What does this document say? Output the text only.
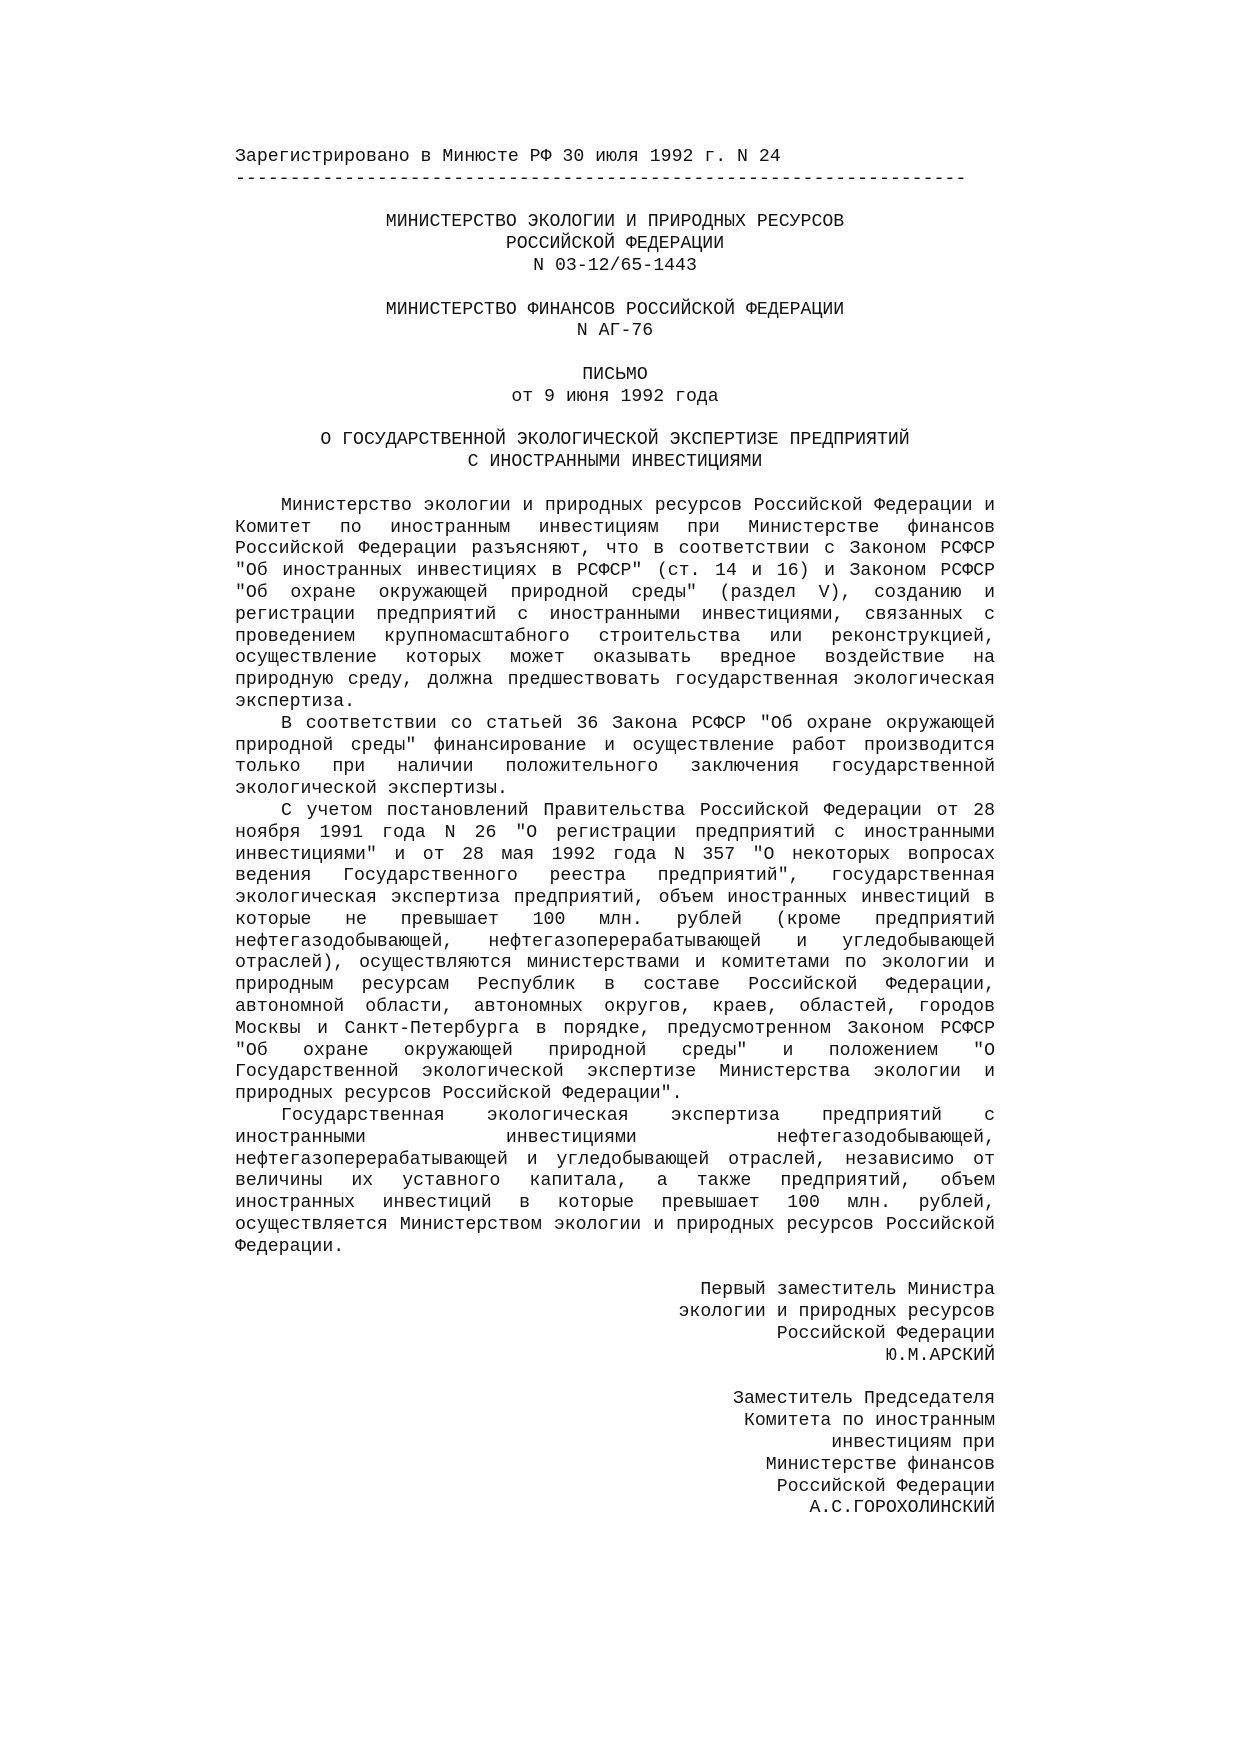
Зарегистрировано в Минюсте РФ 30 июля 1992 г. N 24
-------------------------------------------------------------------
МИНИСТЕРСТВО ЭКОЛОГИИ И ПРИРОДНЫХ РЕСУРСОВ
РОССИЙСКОЙ ФЕДЕРАЦИИ
N 03-12/65-1443
МИНИСТЕРСТВО ФИНАНСОВ РОССИЙСКОЙ ФЕДЕРАЦИИ
N АГ-76
ПИСЬМО
от 9 июня 1992 года
О ГОСУДАРСТВЕННОЙ ЭКОЛОГИЧЕСКОЙ ЭКСПЕРТИЗЕ ПРЕДПРИЯТИЙ
С ИНОСТРАННЫМИ ИНВЕСТИЦИЯМИ

Министерство экологии и природных ресурсов Российской Федерации и Комитет по иностранным инвестициям при Министерстве финансов Российской Федерации разъясняют, что в соответствии с Законом РСФСР "Об иностранных инвестициях в РСФСР" (ст. 14 и 16) и Законом РСФСР "Об охране окружающей природной среды" (раздел V), созданию и регистрации предприятий с иностранными инвестициями, связанных с проведением крупномасштабного строительства или реконструкцией, осуществление которых может оказывать вредное воздействие на природную среду, должна предшествовать государственная экологическая экспертиза.

В соответствии со статьей 36 Закона РСФСР "Об охране окружающей природной среды" финансирование и осуществление работ производится только при наличии положительного заключения государственной экологической экспертизы.

С учетом постановлений Правительства Российской Федерации от 28 ноября 1991 года N 26 "О регистрации предприятий с иностранными инвестициями" и от 28 мая 1992 года N 357 "О некоторых вопросах ведения Государственного реестра предприятий", государственная экологическая экспертиза предприятий, объем иностранных инвестиций в которые не превышает 100 млн. рублей (кроме предприятий нефтегазодобывающей, нефтегазоперерабатывающей и угледобывающей отраслей), осуществляются министерствами и комитетами по экологии и природным ресурсам Республик в составе Российской Федерации, автономной области, автономных округов, краев, областей, городов Москвы и Санкт-Петербурга в порядке, предусмотренном Законом РСФСР "Об охране окружающей природной среды" и положением "О Государственной экологической экспертизе Министерства экологии и природных ресурсов Российской Федерации".

Государственная экологическая экспертиза предприятий с иностранными инвестициями нефтегазодобывающей, нефтегазоперерабатывающей и угледобывающей отраслей, независимо от величины их уставного капитала, а также предприятий, объем иностранных инвестиций в которые превышает 100 млн. рублей, осуществляется Министерством экологии и природных ресурсов Российской Федерации.

Первый заместитель Министра
экологии и природных ресурсов
Российской Федерации
Ю.М.АРСКИЙ
Заместитель Председателя
Комитета по иностранным
инвестициям при
Министерстве финансов
Российской Федерации
А.С.ГОРОХОЛИНСКИЙ
